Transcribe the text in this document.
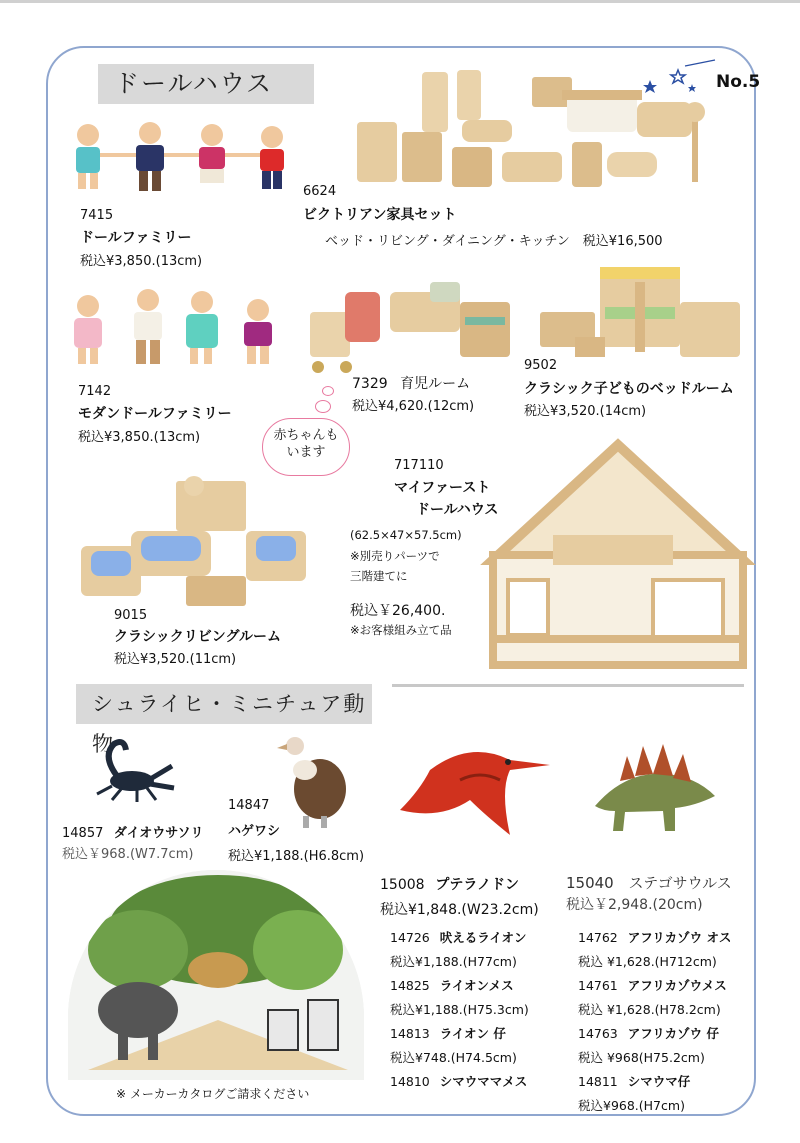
ドールハウス	No.5
7415
ドールファミリー
税込¥3,850.(13cm)
6624
ビクトリアン家具セット
ベッド・リビング・ダイニング・キッチン　税込¥16,500
7142
モダンドールファミリー
税込¥3,850.(13cm)
7329 育児ルーム
税込¥4,620.(12cm)
赤ちゃんも
います
9502
クラシック子どものベッドルーム
税込¥3,520.(14cm)
717110
マイファースト
ドールハウス
(62.5×47×57.5cm)
※別売りパーツで
三階建てに
税込￥26,400.
※お客様組み立て品
9015
クラシックリビングルーム
税込¥3,520.(11cm)
シュライヒ・ミニチュア動物
14857 ダイオウサソリ
税込￥968.(W7.7cm)
14847
ハゲワシ
税込¥1,188.(H6.8cm)
15008 プテラノドン
税込¥1,848.(W23.2cm)
15040 ステゴサウルス
税込￥2,948.(20cm)
※ メーカーカタログご請求ください
14726 吠えるライオン
税込¥1,188.(H77cm)
14825 ライオンメス
税込¥1,188.(H75.3cm)
14813 ライオン 仔
税込¥748.(H74.5cm)
14810 シマウママメス
14762 アフリカゾウ オス
税込 ¥1,628.(H712cm)
14761 アフリカゾウメス
税込 ¥1,628.(H78.2cm)
14763 アフリカゾウ 仔
税込 ¥968(H75.2cm)
14811 シマウマ仔
税込¥968.(H7cm)
